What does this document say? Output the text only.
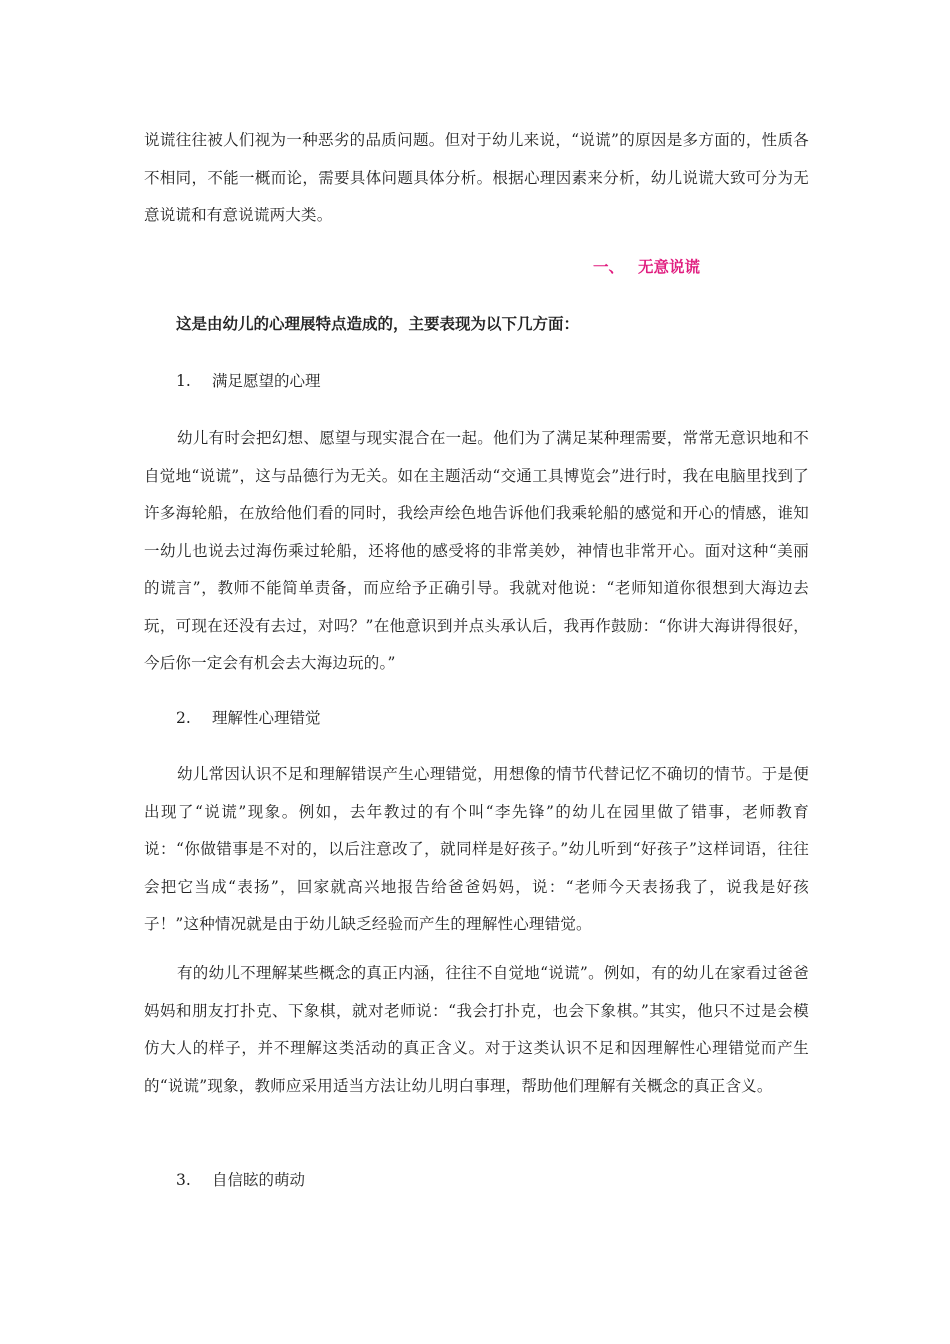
说谎往往被人们视为一种恶劣的品质问题。但对于幼儿来说，“说谎”的原因是多方面的，性质各不相同，不能一概而论，需要具体问题具体分析。根据心理因素来分析，幼儿说谎大致可分为无意说谎和有意说谎两大类。

一、 无意说谎

这是由幼儿的心理展特点造成的，主要表现为以下几方面：

1. 满足愿望的心理

幼儿有时会把幻想、愿望与现实混合在一起。他们为了满足某种理需要，常常无意识地和不自觉地“说谎”，这与品德行为无关。如在主题活动“交通工具博览会”进行时，我在电脑里找到了许多海轮船，在放给他们看的同时，我绘声绘色地告诉他们我乘轮船的感觉和开心的情感，谁知一幼儿也说去过海伤乘过轮船，还将他的感受将的非常美妙，神情也非常开心。面对这种“美丽的谎言”，教师不能简单责备，而应给予正确引导。我就对他说：“老师知道你很想到大海边去玩，可现在还没有去过，对吗？”在他意识到并点头承认后，我再作鼓励：“你讲大海讲得很好，今后你一定会有机会去大海边玩的。”

2. 理解性心理错觉

幼儿常因认识不足和理解错误产生心理错觉，用想像的情节代替记忆不确切的情节。于是便出现了“说谎”现象。例如，去年教过的有个叫“李先锋”的幼儿在园里做了错事，老师教育说：“你做错事是不对的，以后注意改了，就同样是好孩子。”幼儿听到“好孩子”这样词语，往往会把它当成“表扬”，回家就高兴地报告给爸爸妈妈，说：“老师今天表扬我了，说我是好孩子！”这种情况就是由于幼儿缺乏经验而产生的理解性心理错觉。

有的幼儿不理解某些概念的真正内涵，往往不自觉地“说谎”。例如，有的幼儿在家看过爸爸妈妈和朋友打扑克、下象棋，就对老师说：“我会打扑克，也会下象棋。”其实，他只不过是会模仿大人的样子，并不理解这类活动的真正含义。对于这类认识不足和因理解性心理错觉而产生的“说谎”现象，教师应采用适当方法让幼儿明白事理，帮助他们理解有关概念的真正含义。

3. 自信眩的萌动
